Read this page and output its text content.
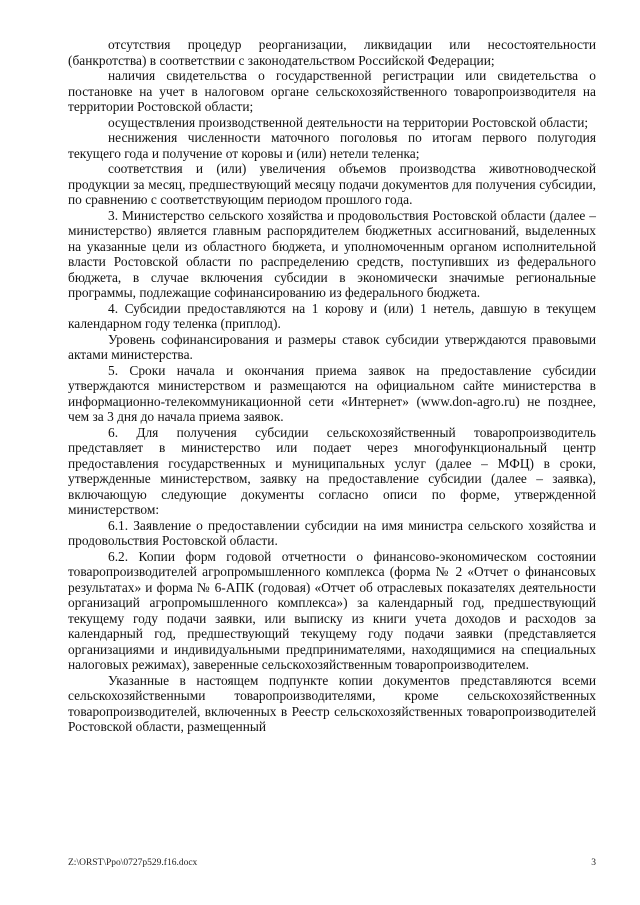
отсутствия процедур реорганизации, ликвидации или несостоятельности (банкротства) в соответствии с законодательством Российской Федерации;

наличия свидетельства о государственной регистрации или свидетельства о постановке на учет в налоговом органе сельскохозяйственного товаропроизводителя на территории Ростовской области;

осуществления производственной деятельности на территории Ростовской области;

неснижения численности маточного поголовья по итогам первого полугодия текущего года и получение от коровы и (или) нетели теленка;

соответствия и (или) увеличения объемов производства животноводческой продукции за месяц, предшествующий месяцу подачи документов для получения субсидии, по сравнению с соответствующим периодом прошлого года.

3. Министерство сельского хозяйства и продовольствия Ростовской области (далее – министерство) является главным распорядителем бюджетных ассигнований, выделенных на указанные цели из областного бюджета, и уполномоченным органом исполнительной власти Ростовской области по распределению средств, поступивших из федерального бюджета, в случае включения субсидии в экономически значимые региональные программы, подлежащие софинансированию из федерального бюджета.

4. Субсидии предоставляются на 1 корову и (или) 1 нетель, давшую в текущем календарном году теленка (приплод).

Уровень софинансирования и размеры ставок субсидии утверждаются правовыми актами министерства.

5. Сроки начала и окончания приема заявок на предоставление субсидии утверждаются министерством и размещаются на официальном сайте министерства в информационно-телекоммуникационной сети «Интернет» (www.don-agro.ru) не позднее, чем за 3 дня до начала приема заявок.

6. Для получения субсидии сельскохозяйственный товаропроизводитель представляет в министерство или подает через многофункциональный центр предоставления государственных и муниципальных услуг (далее – МФЦ) в сроки, утвержденные министерством, заявку на предоставление субсидии (далее – заявка), включающую следующие документы согласно описи по форме, утвержденной министерством:

6.1. Заявление о предоставлении субсидии на имя министра сельского хозяйства и продовольствия Ростовской области.

6.2. Копии форм годовой отчетности о финансово-экономическом состоянии товаропроизводителей агропромышленного комплекса (форма № 2 «Отчет о финансовых результатах» и форма № 6-АПК (годовая) «Отчет об отраслевых показателях деятельности организаций агропромышленного комплекса») за календарный год, предшествующий текущему году подачи заявки, или выписку из книги учета доходов и расходов за календарный год, предшествующий текущему году подачи заявки (представляется организациями и индивидуальными предпринимателями, находящимися на специальных налоговых режимах), заверенные сельскохозяйственным товаропроизводителем.

Указанные в настоящем подпункте копии документов представляются всеми сельскохозяйственными товаропроизводителями, кроме сельскохозяйственных товаропроизводителей, включенных в Реестр сельскохозяйственных товаропроизводителей Ростовской области, размещенный

Z:\ORST\Ppo\0727p529.f16.docx	3
